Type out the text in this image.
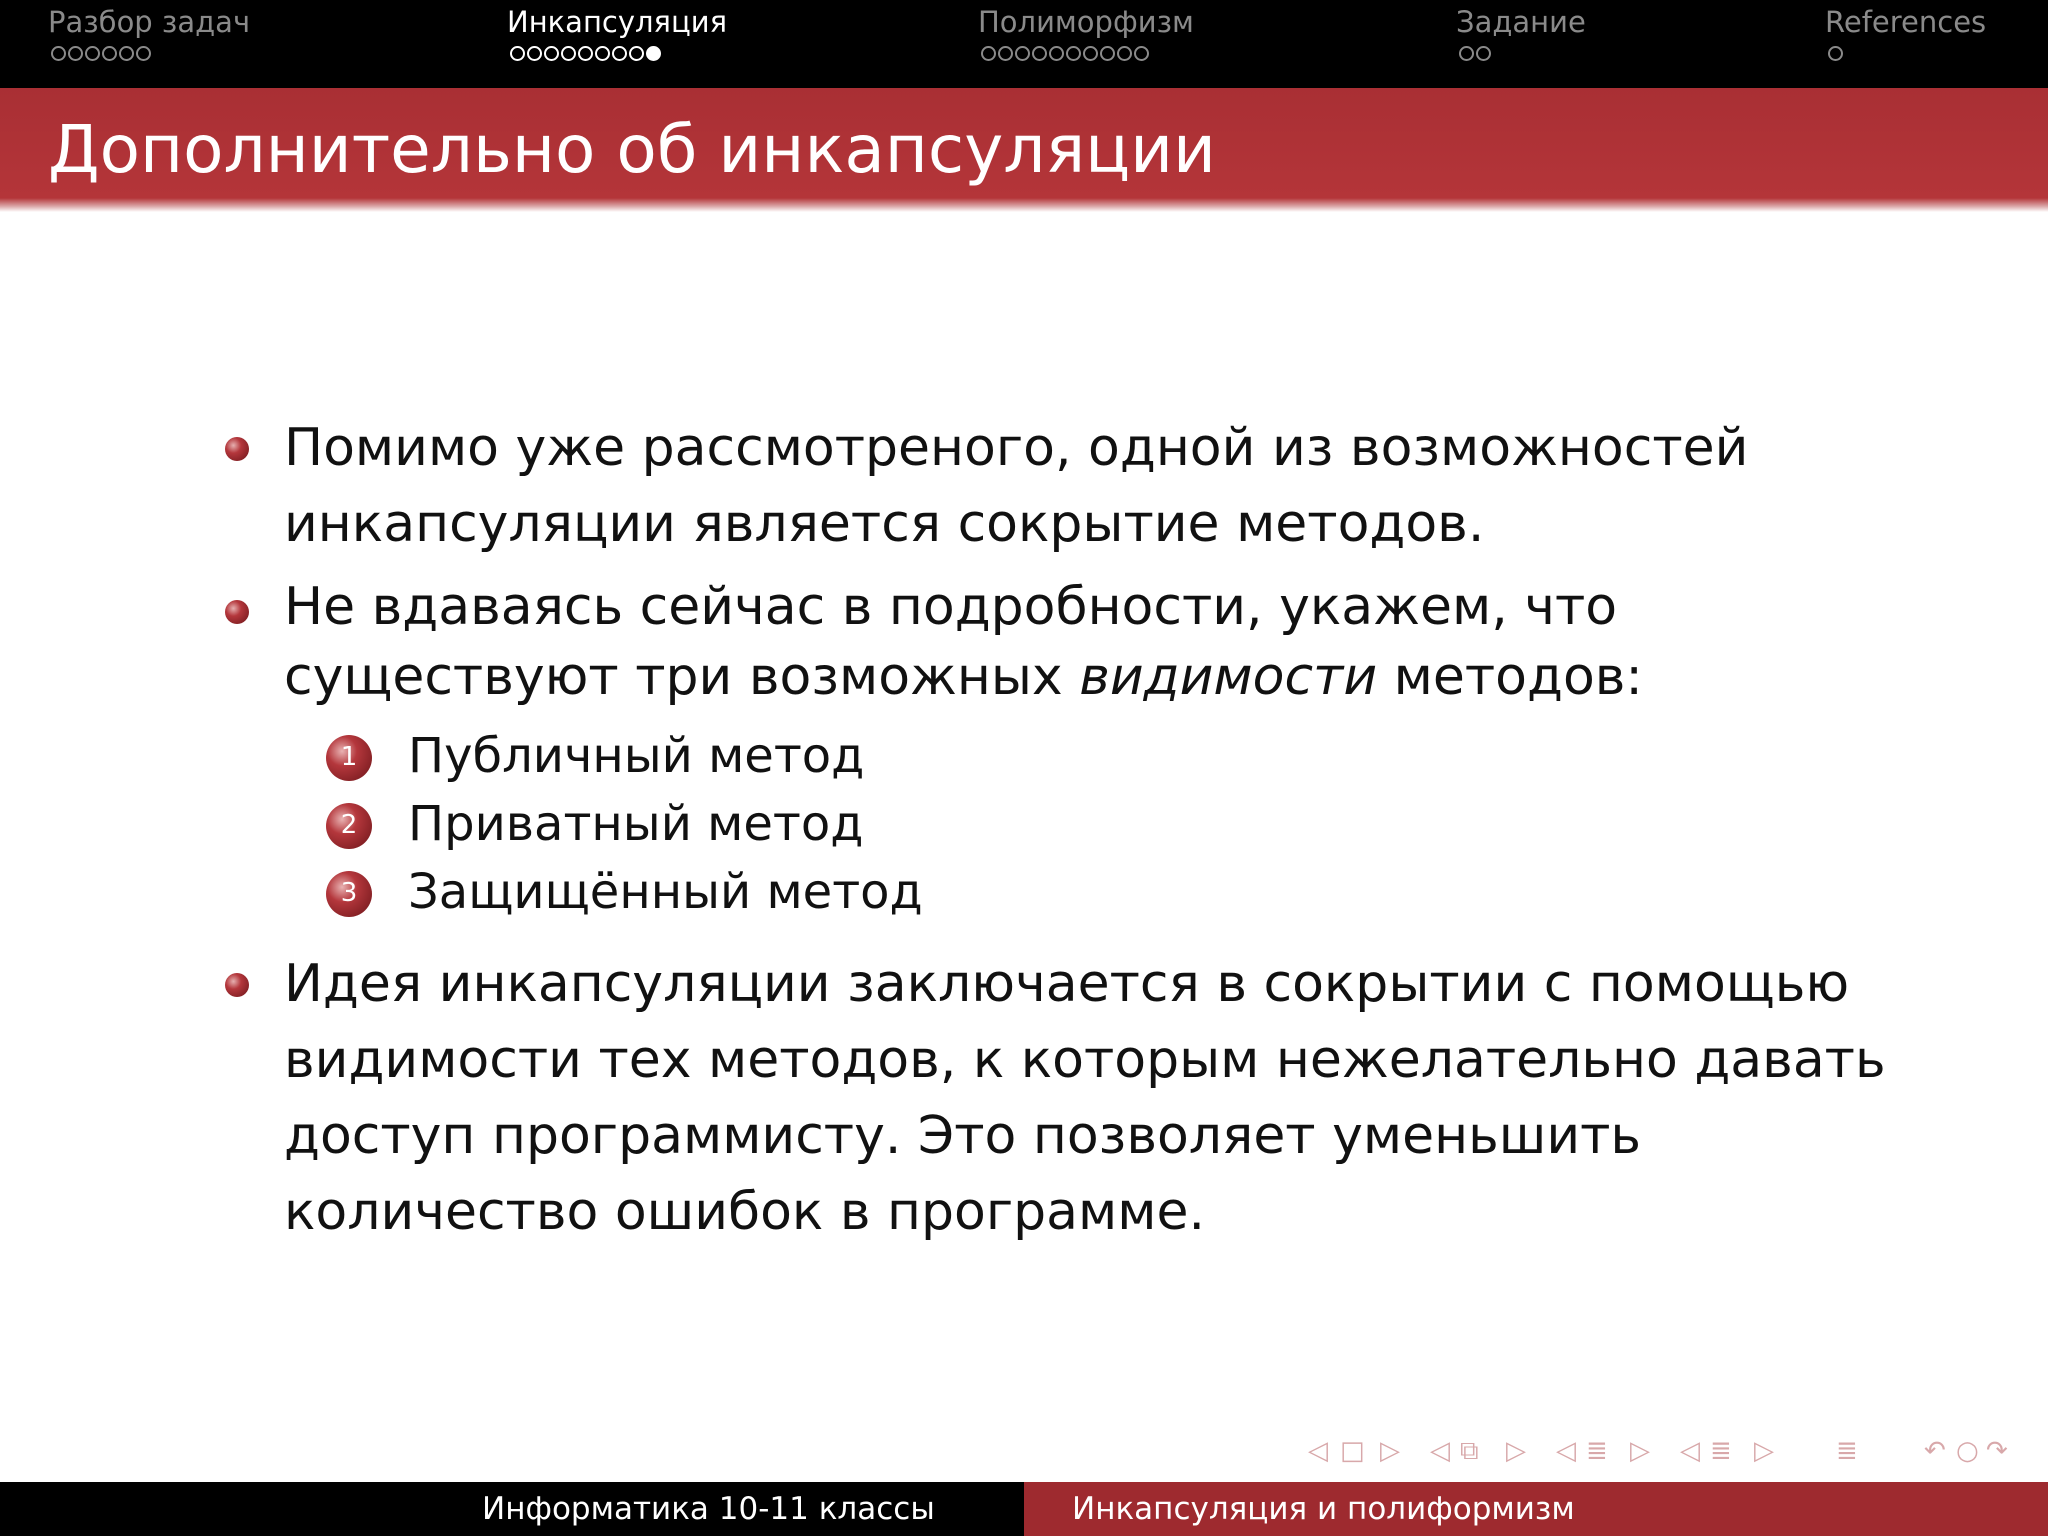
Разбор задач	Инкапсуляция	Полиморфизм	Задание	References
Дополнительно об инкапсуляции
Помимо уже рассмотреного, одной из возможностей
инкапсуляции является сокрытие методов.
Не вдаваясь сейчас в подробности, укажем, что
существуют три возможных видимости методов:
1	Публичный метод
2	Приватный метод
3	Защищённый метод
Идея инкапсуляции заключается в сокрытии с помощью
видимости тех методов, к которым нежелательно давать
доступ программисту. Это позволяет уменьшить
количество ошибок в программе.
◁ □ ▷ ◁ ⧉ ▷ ◁ ≣ ▷ ◁ ≣ ▷ ≣	↶ ○ ↷
Информатика 10-11 классы	Инкапсуляция и полиформизм
